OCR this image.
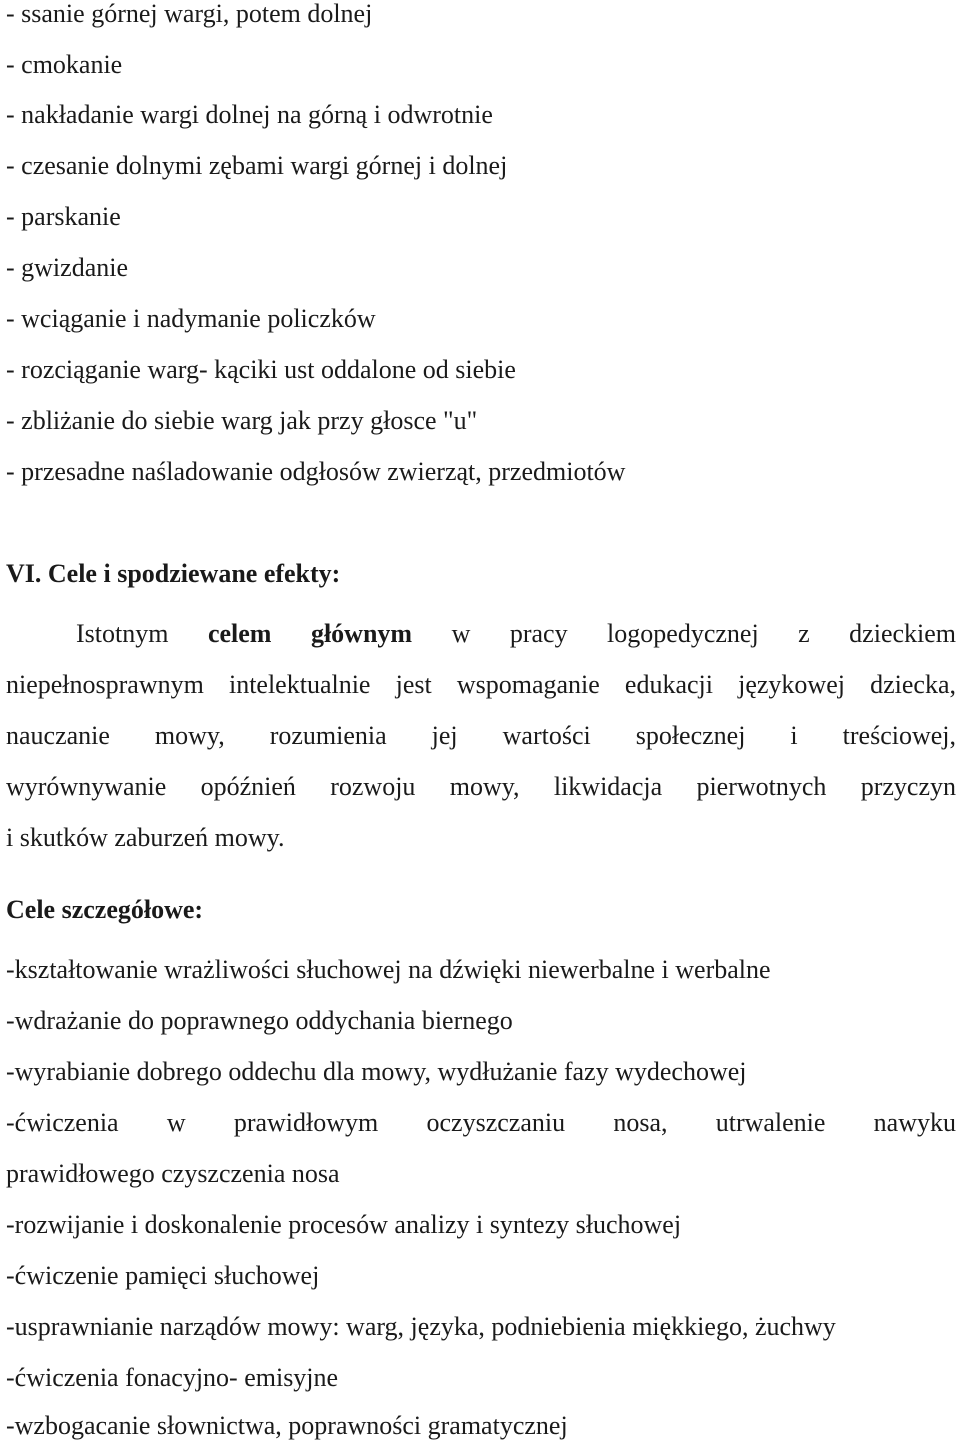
- ssanie górnej wargi, potem dolnej
- cmokanie
- nakładanie wargi dolnej na górną i odwrotnie
- czesanie dolnymi zębami wargi górnej i dolnej
- parskanie
- gwizdanie
- wciąganie i nadymanie policzków
- rozciąganie warg- kąciki ust oddalone od siebie
- zbliżanie do siebie warg jak przy głosce "u"
- przesadne naśladowanie odgłosów zwierząt, przedmiotów
VI. Cele i spodziewane efekty:
Istotnym celem głównym w pracy logopedycznej z dzieckiem
niepełnosprawnym intelektualnie jest wspomaganie edukacji językowej dziecka,
nauczanie mowy, rozumienia jej wartości społecznej i treściowej,
wyrównywanie opóźnień rozwoju mowy, likwidacja pierwotnych przyczyn
i skutków zaburzeń mowy.
Cele szczegółowe:
-kształtowanie wrażliwości słuchowej na dźwięki niewerbalne i werbalne
-wdrażanie do poprawnego oddychania biernego
-wyrabianie dobrego oddechu dla mowy, wydłużanie fazy wydechowej
-ćwiczenia w prawidłowym oczyszczaniu nosa, utrwalenie nawyku
prawidłowego czyszczenia nosa
-rozwijanie i doskonalenie procesów analizy i syntezy słuchowej
-ćwiczenie pamięci słuchowej
-usprawnianie narządów mowy: warg, języka, podniebienia miękkiego, żuchwy
-ćwiczenia fonacyjno- emisyjne
-wzbogacanie słownictwa, poprawności gramatycznej
